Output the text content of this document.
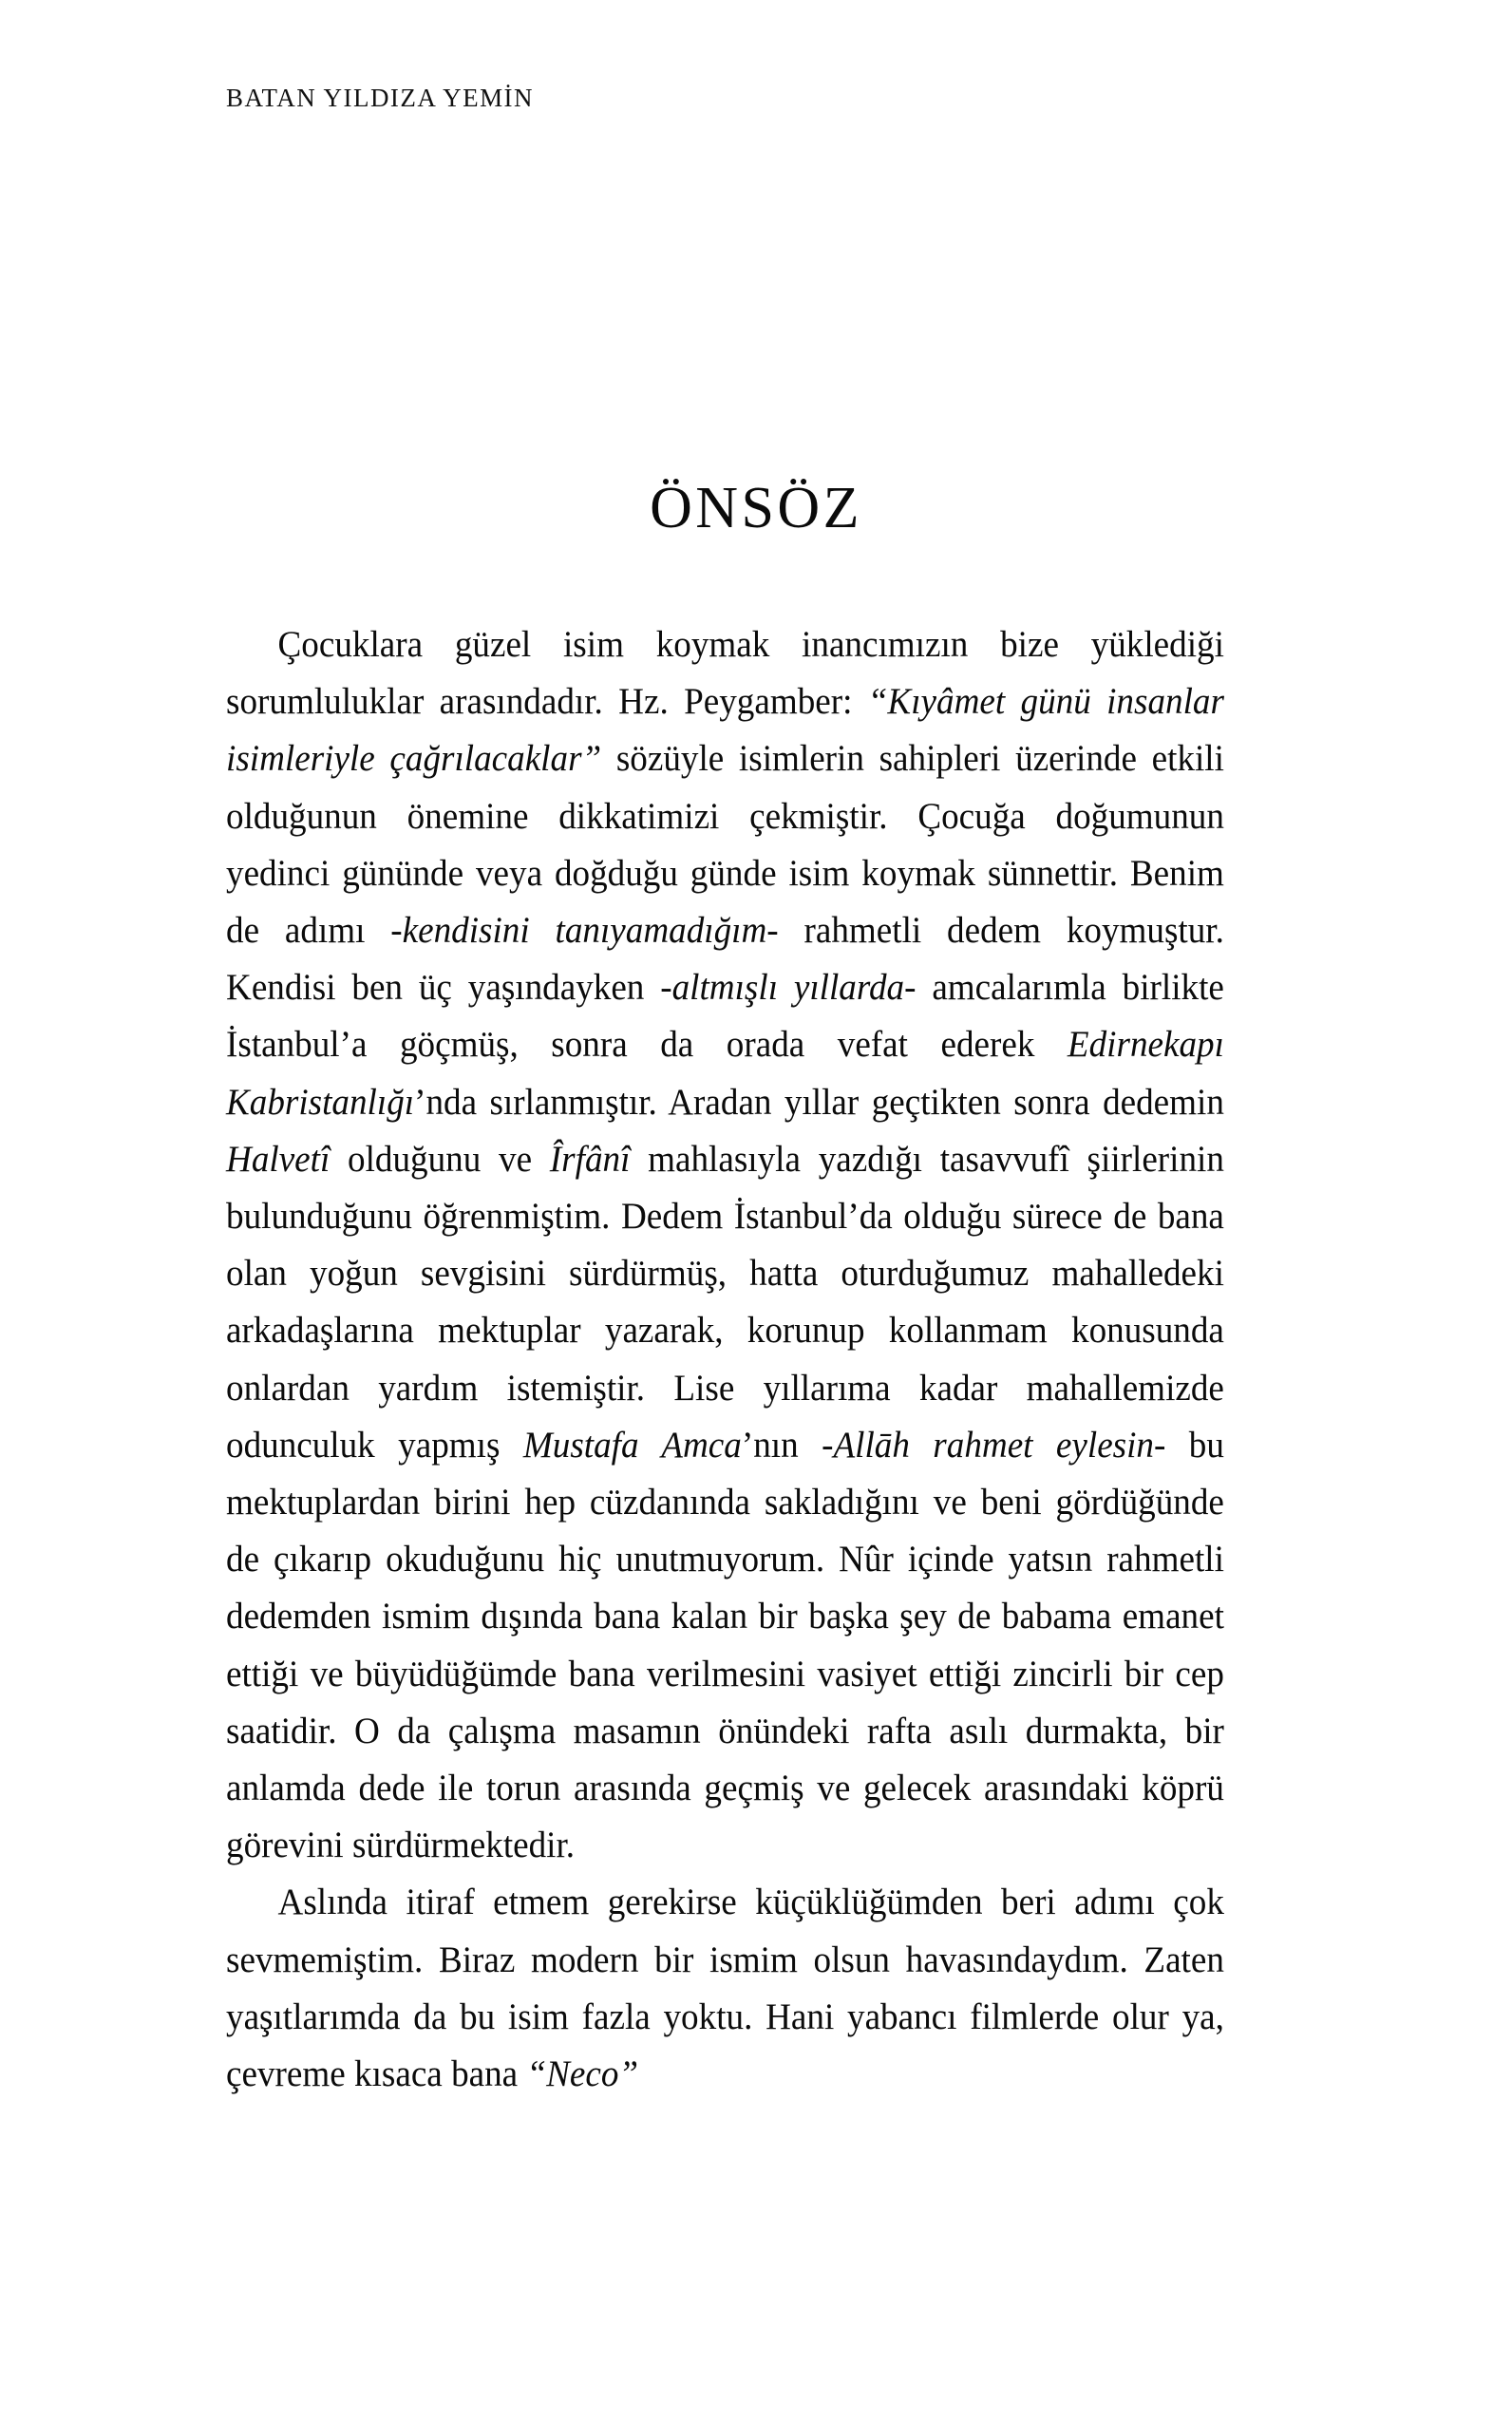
BATAN YILDIZA YEMİN
ÖNSÖZ

Çocuklara güzel isim koymak inancımızın bize yüklediği sorumluluklar arasındadır. Hz. Peygamber: “Kıyâmet günü insanlar isimleriyle çağrılacaklar” sözüyle isimlerin sahipleri üzerinde etkili olduğunun önemine dikkatimizi çekmiştir. Çocuğa doğumunun yedinci gününde veya doğduğu günde isim koymak sünnettir. Benim de adımı -kendisini tanıyamadığım- rahmetli dedem koymuştur. Kendisi ben üç yaşındayken -altmışlı yıllarda- amcalarımla birlikte İstanbul’a göçmüş, sonra da orada vefat ederek Edirnekapı Kabristanlığı’nda sırlanmıştır. Aradan yıllar geçtikten sonra dedemin Halvetî olduğunu ve Îrfânî mahlasıyla yazdığı tasavvufî şiirlerinin bulunduğunu öğrenmiştim. Dedem İstanbul’da olduğu sürece de bana olan yoğun sevgisini sürdürmüş, hatta oturduğumuz mahalledeki arkadaşlarına mektuplar yazarak, korunup kollanmam konusunda onlardan yardım istemiştir. Lise yıllarıma kadar mahallemizde odunculuk yapmış Mustafa Amca’nın -Allāh rahmet eylesin- bu mektuplardan birini hep cüzdanında sakladığını ve beni gördüğünde de çıkarıp okuduğunu hiç unutmuyorum. Nûr içinde yatsın rahmetli dedemden ismim dışında bana kalan bir başka şey de babama emanet ettiği ve büyüdüğümde bana verilmesini vasiyet ettiği zincirli bir cep saatidir. O da çalışma masamın önündeki rafta asılı durmakta, bir anlamda dede ile torun arasında geçmiş ve gelecek arasındaki köprü görevini sürdürmektedir.

Aslında itiraf etmem gerekirse küçüklüğümden beri adımı çok sevmemiştim. Biraz modern bir ismim olsun havasındaydım. Zaten yaşıtlarımda da bu isim fazla yoktu. Hani yabancı filmlerde olur ya, çevreme kısaca bana “Neco”
